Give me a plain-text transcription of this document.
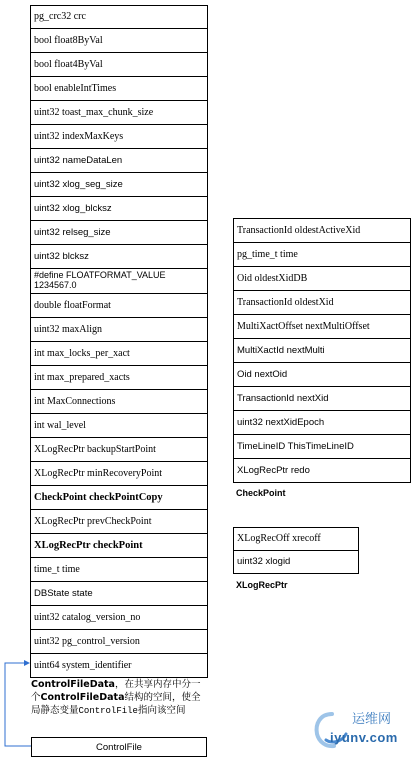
pg_crc32 crc
bool float8ByVal
bool float4ByVal
bool enableIntTimes
uint32 toast_max_chunk_size
uint32 indexMaxKeys
uint32 nameDataLen
uint32 xlog_seg_size
uint32 xlog_blcksz
uint32 relseg_size
uint32 blcksz
#define FLOATFORMAT_VALUE 1234567.0
double floatFormat
uint32 maxAlign
int max_locks_per_xact
int max_prepared_xacts
int MaxConnections
int wal_level
XLogRecPtr backupStartPoint
XLogRecPtr minRecoveryPoint
CheckPoint checkPointCopy
XLogRecPtr prevCheckPoint
XLogRecPtr checkPoint
time_t time
DBState state
uint32 catalog_version_no
uint32 pg_control_version
uint64 system_identifier
ControlFileData，在共享内存中分一个ControlFileData结构的空间，使全局静态变量ControlFile指向该空间
ControlFile
TransactionId oldestActiveXid
pg_time_t time
Oid oldestXidDB
TransactionId oldestXid
MultiXactOffset nextMultiOffset
MultiXactId nextMulti
Oid nextOid
TransactionId nextXid
uint32 nextXidEpoch
TimeLineID ThisTimeLineID
XLogRecPtr redo
CheckPoint
XLogRecOff xrecoff
uint32 xlogid
XLogRecPtr
运维网
iyunv.com
